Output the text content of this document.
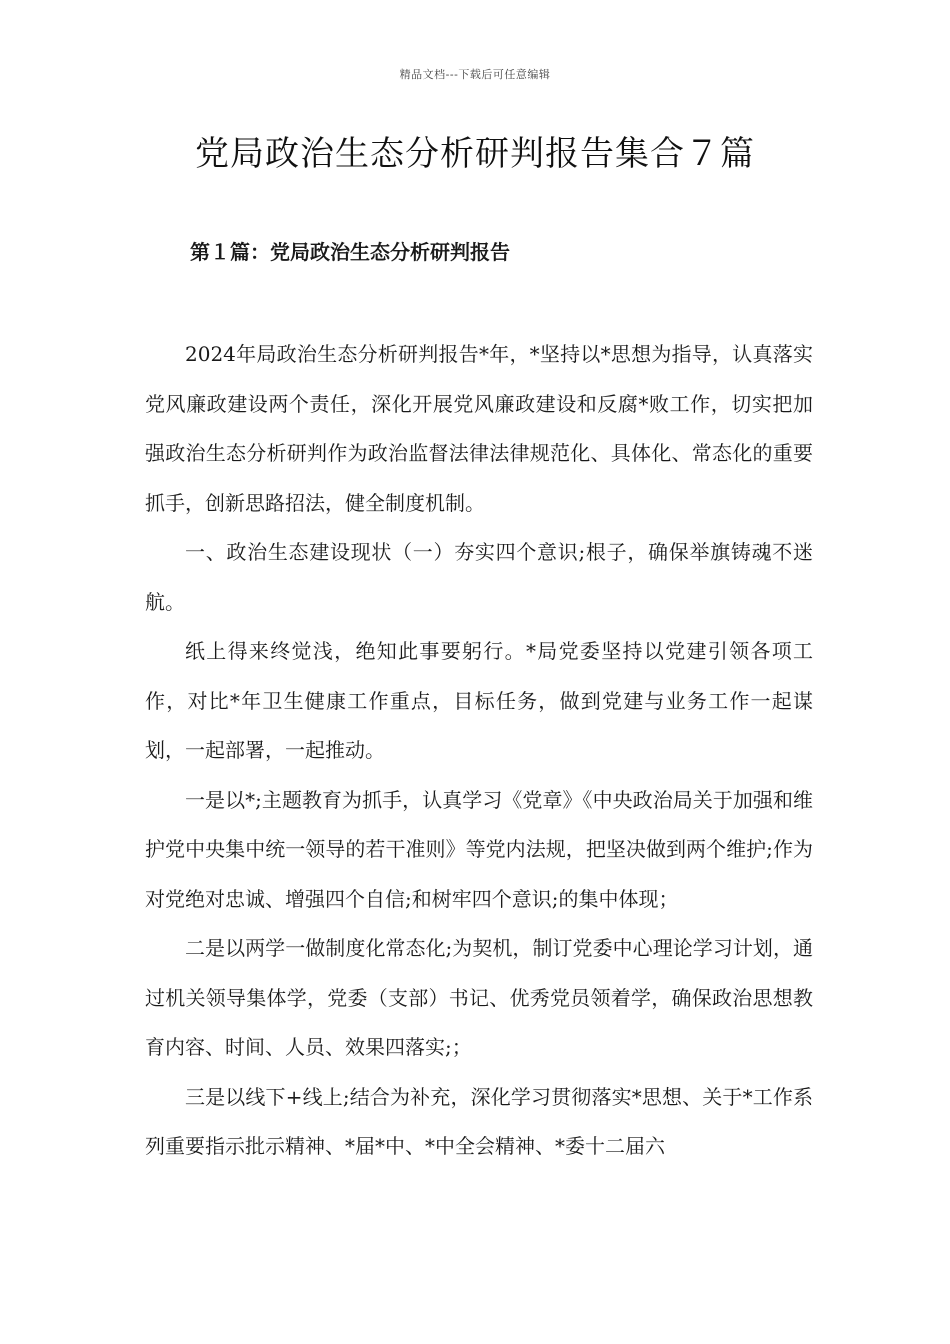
精品文档---下载后可任意编辑
党局政治生态分析研判报告集合７篇
第１篇：党局政治生态分析研判报告

2024年局政治生态分析研判报告*年，*坚持以*思想为指导，认真落实党风廉政建设两个责任，深化开展党风廉政建设和反腐*败工作，切实把加强政治生态分析研判作为政治监督法律法律规范化、具体化、常态化的重要抓手，创新思路招法，健全制度机制。

一、政治生态建设现状（一）夯实四个意识;根子，确保举旗铸魂不迷航。

纸上得来终觉浅，绝知此事要躬行。*局党委坚持以党建引领各项工作，对比*年卫生健康工作重点，目标任务，做到党建与业务工作一起谋划，一起部署，一起推动。

一是以*;主题教育为抓手，认真学习《党章》《中央政治局关于加强和维护党中央集中统一领导的若干准则》等党内法规，把坚决做到两个维护;作为对党绝对忠诚、增强四个自信;和树牢四个意识;的集中体现；

二是以两学一做制度化常态化;为契机，制订党委中心理论学习计划，通过机关领导集体学，党委（支部）书记、优秀党员领着学，确保政治思想教育内容、时间、人员、效果四落实;；

三是以线下+线上;结合为补充，深化学习贯彻落实*思想、关于*工作系列重要指示批示精神、*届*中、*中全会精神、*委十二届六
